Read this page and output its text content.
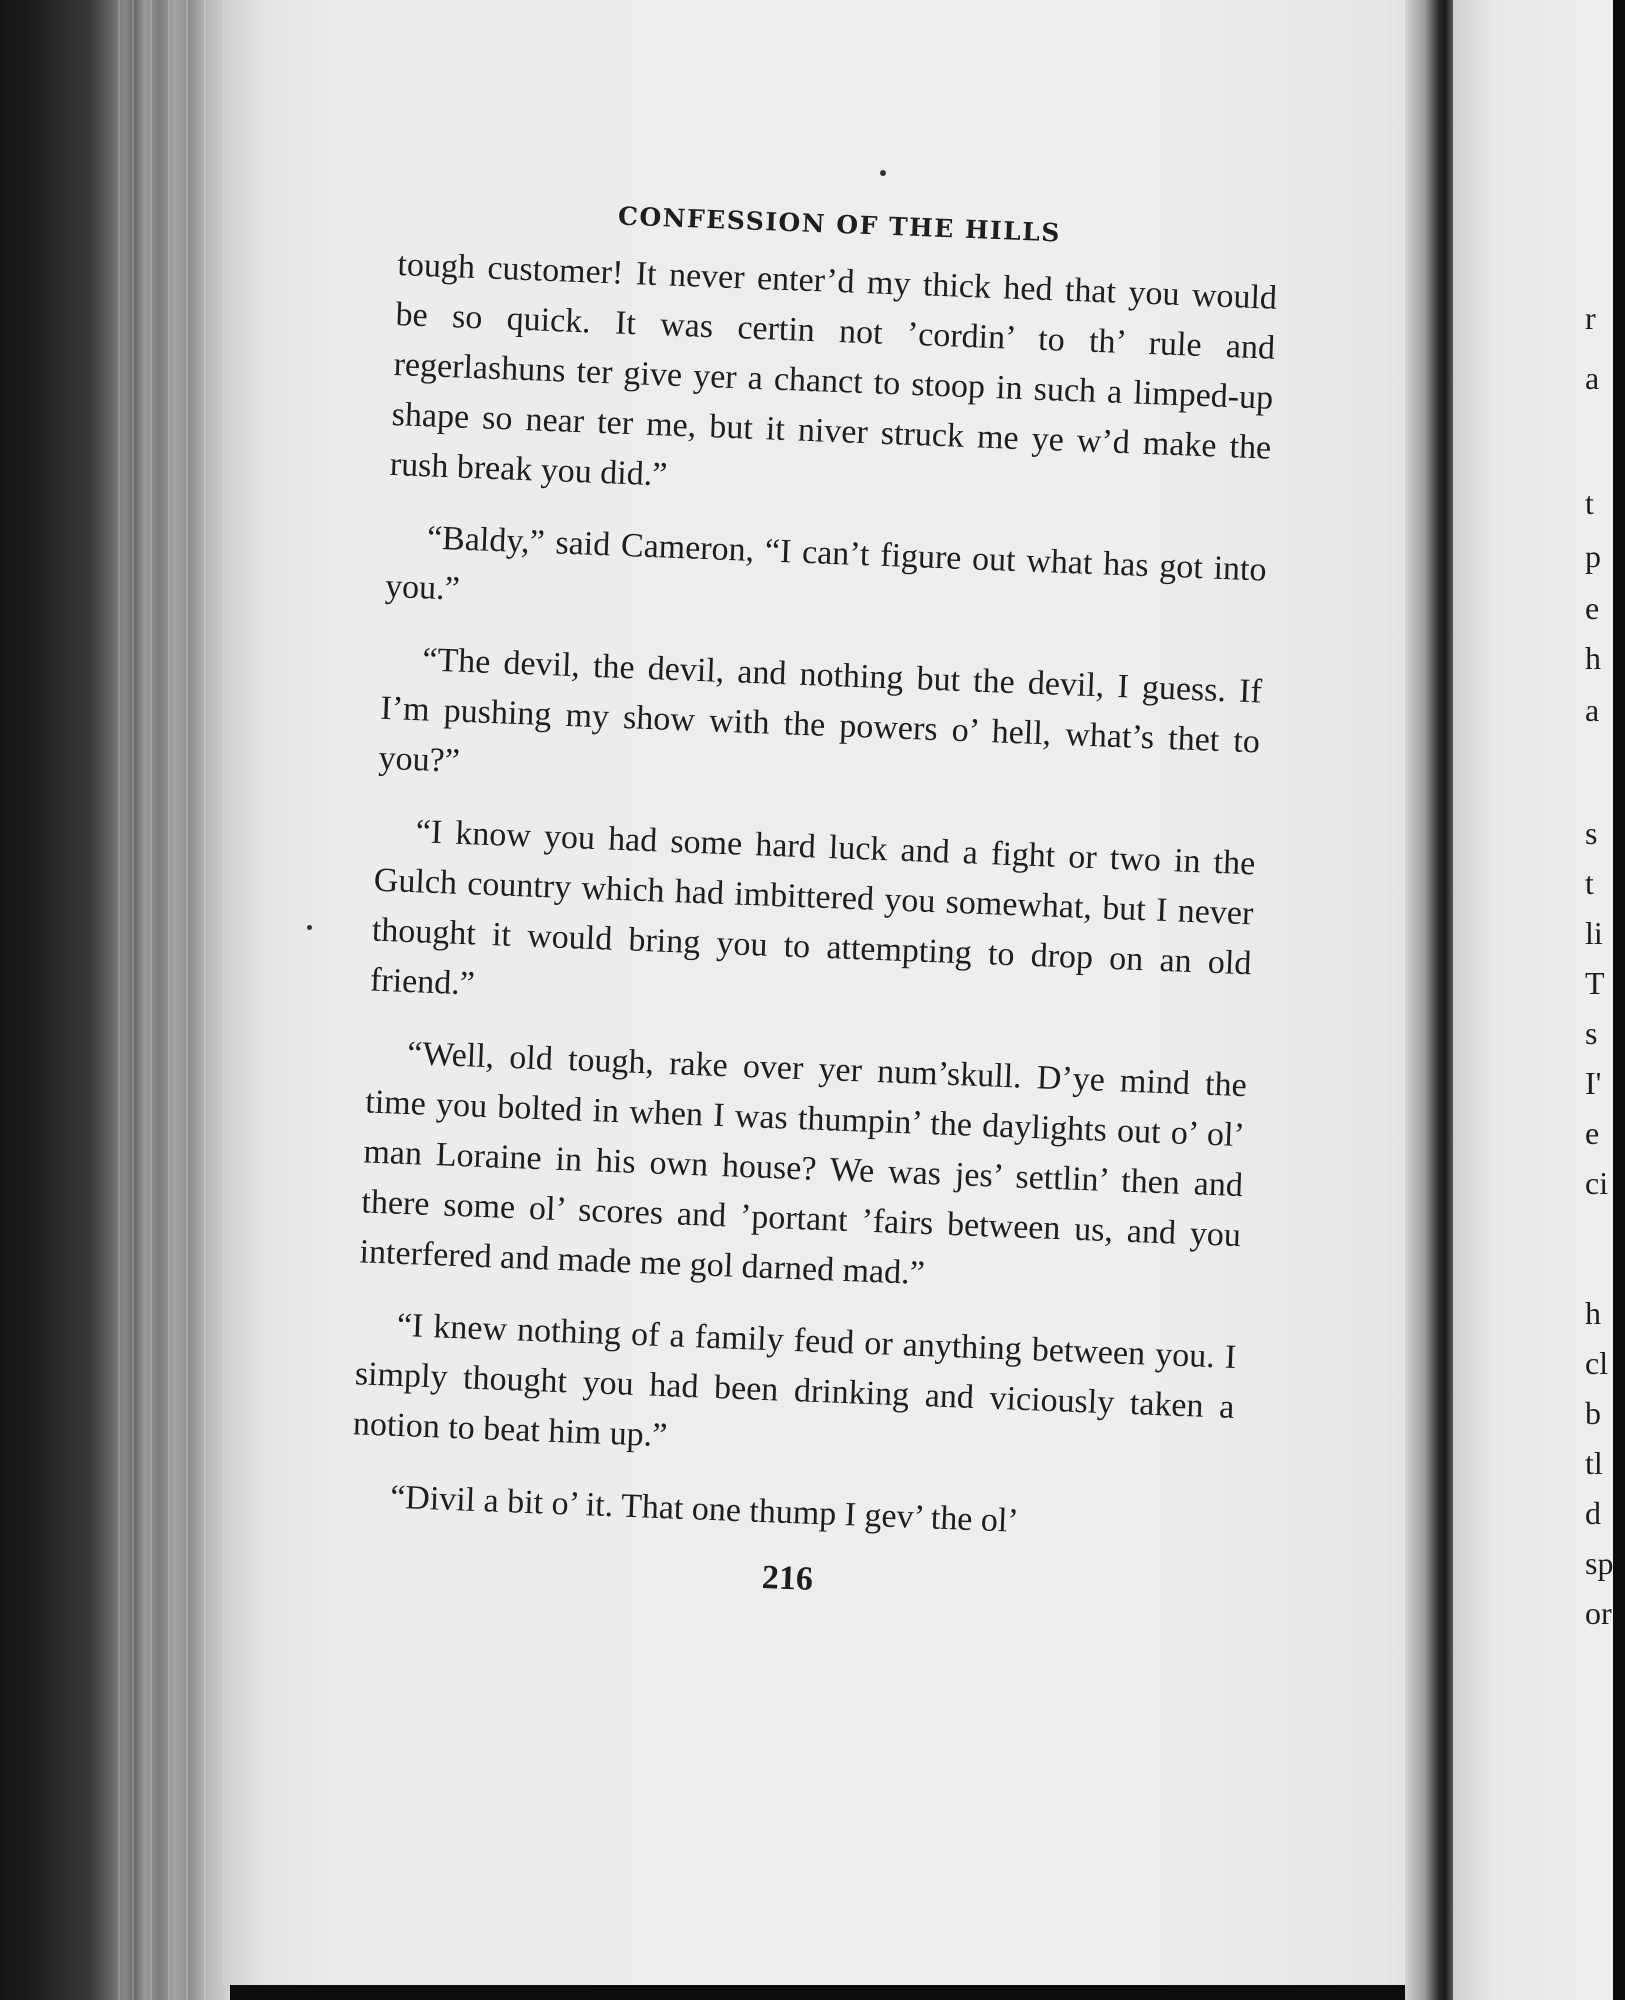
CONFESSION OF THE HILLS

tough customer! It never enter’d my thick hed that you would be so quick. It was certin not ’cordin’ to th’ rule and regerlashuns ter give yer a chanct to stoop in such a limped-up shape so near ter me, but it niver struck me ye w’d make the rush break you did.”

“Baldy,” said Cameron, “I can’t figure out what has got into you.”

“The devil, the devil, and nothing but the devil, I guess. If I’m pushing my show with the powers o’ hell, what’s thet to you?”

“I know you had some hard luck and a fight or two in the Gulch country which had imbittered you somewhat, but I never thought it would bring you to attempting to drop on an old friend.”

“Well, old tough, rake over yer num’skull. D’ye mind the time you bolted in when I was thumpin’ the daylights out o’ ol’ man Loraine in his own house? We was jes’ settlin’ then and there some ol’ scores and ’portant ’fairs between us, and you interfered and made me gol darned mad.”

“I knew nothing of a family feud or anything between you. I simply thought you had been drinking and viciously taken a notion to beat him up.”

“Divil a bit o’ it. That one thump I gev’ the ol’

216
r
a
t
p
e
h
a
s
t
li
T
s
I'
e
ci
h
cl
b
tl
d
sp
or
